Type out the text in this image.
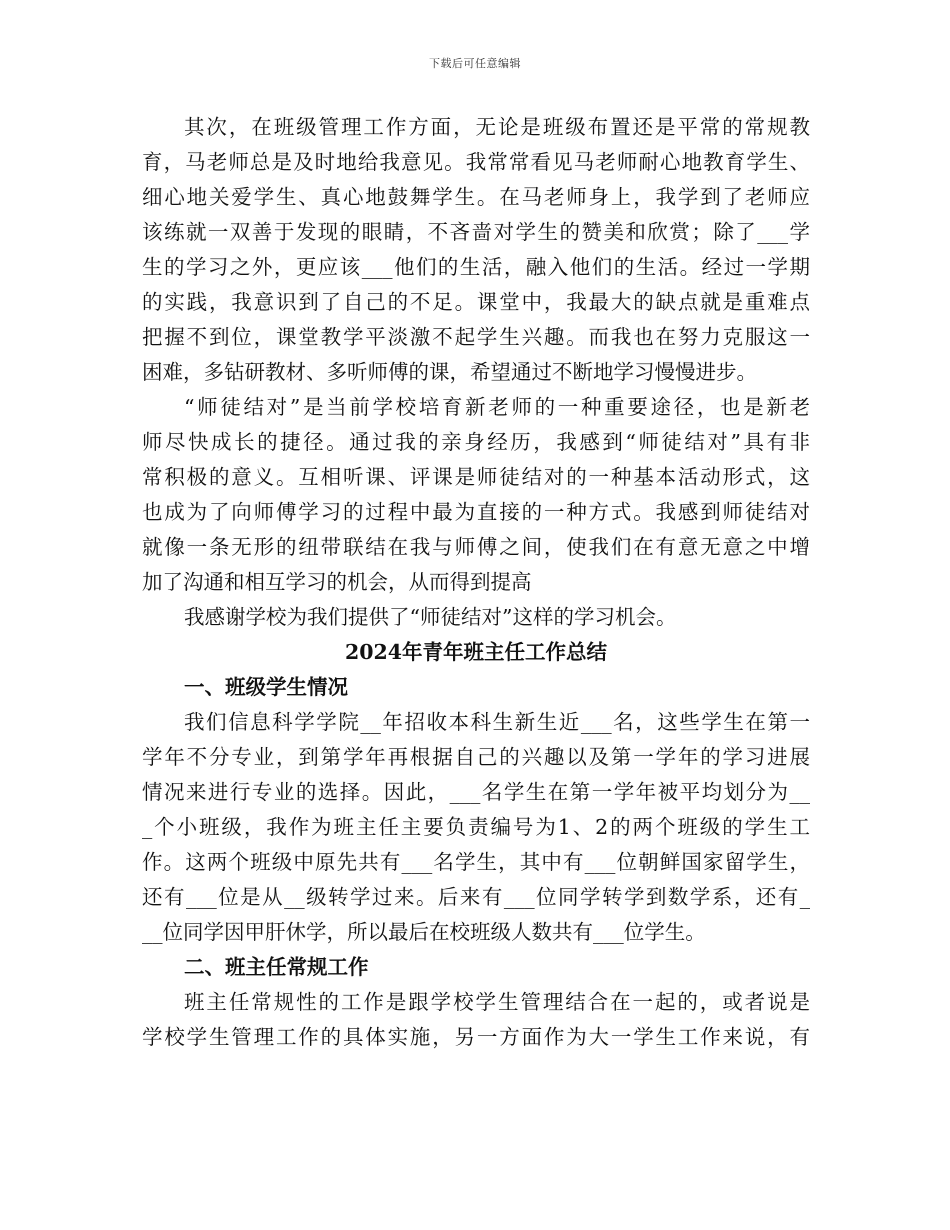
下载后可任意编辑
其次，在班级管理工作方面，无论是班级布置还是平常的常规教
育，马老师总是及时地给我意见。我常常看见马老师耐心地教育学生、
细心地关爱学生、真心地鼓舞学生。在马老师身上，我学到了老师应
该练就一双善于发现的眼睛，不吝啬对学生的赞美和欣赏；除了___学
生的学习之外，更应该___他们的生活，融入他们的生活。经过一学期
的实践，我意识到了自己的不足。课堂中，我最大的缺点就是重难点
把握不到位，课堂教学平淡激不起学生兴趣。而我也在努力克服这一
困难，多钻研教材、多听师傅的课，希望通过不断地学习慢慢进步。
“师徒结对”是当前学校培育新老师的一种重要途径，也是新老
师尽快成长的捷径。通过我的亲身经历，我感到“师徒结对”具有非
常积极的意义。互相听课、评课是师徒结对的一种基本活动形式，这
也成为了向师傅学习的过程中最为直接的一种方式。我感到师徒结对
就像一条无形的纽带联结在我与师傅之间，使我们在有意无意之中增
加了沟通和相互学习的机会，从而得到提高
我感谢学校为我们提供了“师徒结对”这样的学习机会。
2024年青年班主任工作总结
一、班级学生情况
我们信息科学学院__年招收本科生新生近___名，这些学生在第一
学年不分专业，到第学年再根据自己的兴趣以及第一学年的学习进展
情况来进行专业的选择。因此，___名学生在第一学年被平均划分为__
_个小班级，我作为班主任主要负责编号为1、2的两个班级的学生工
作。这两个班级中原先共有___名学生，其中有___位朝鲜国家留学生，
还有___位是从__级转学过来。后来有___位同学转学到数学系，还有_
__位同学因甲肝休学，所以最后在校班级人数共有___位学生。
二、班主任常规工作
班主任常规性的工作是跟学校学生管理结合在一起的，或者说是
学校学生管理工作的具体实施，另一方面作为大一学生工作来说，有
